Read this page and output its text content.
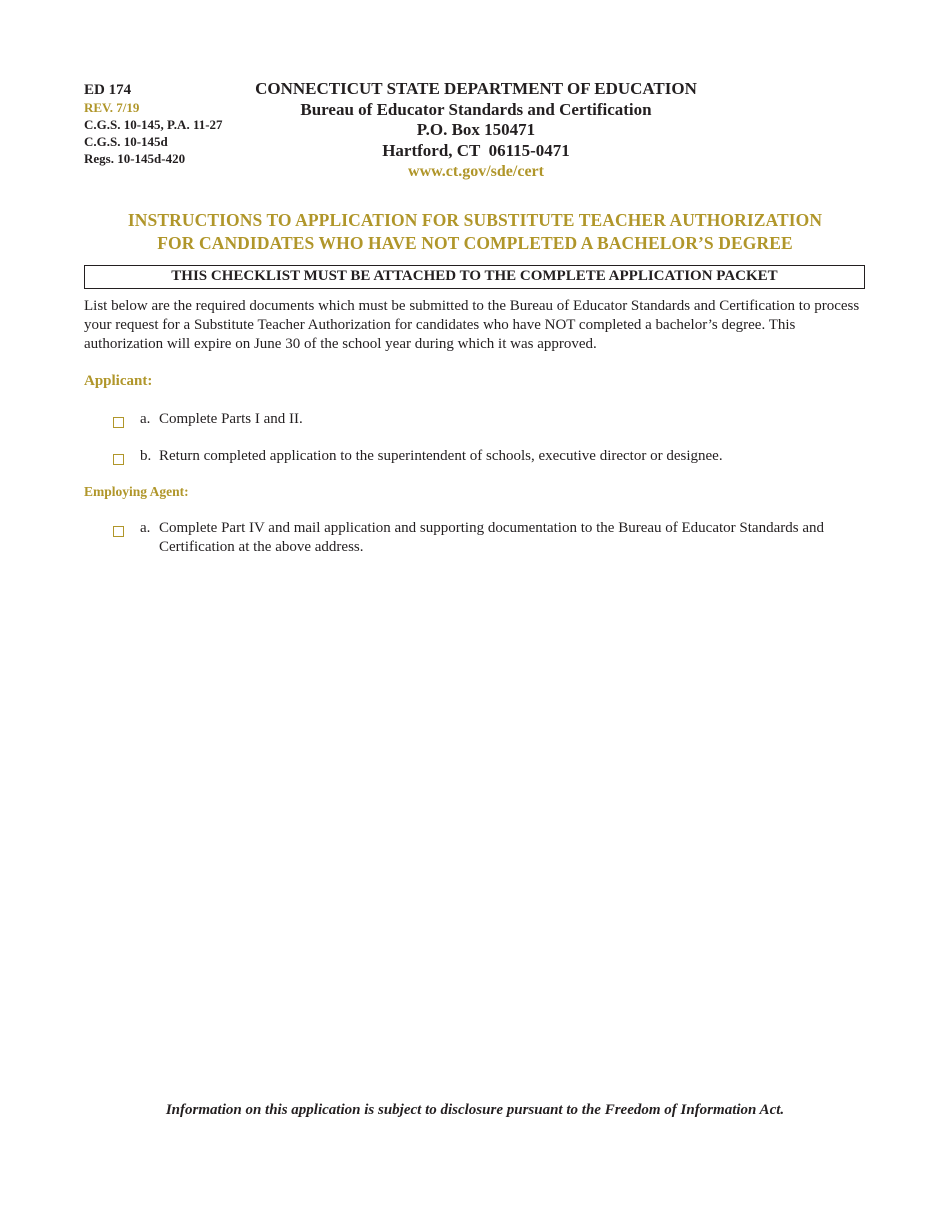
ED 174
REV. 7/19
C.G.S. 10-145, P.A. 11-27
C.G.S. 10-145d
Regs. 10-145d-420
CONNECTICUT STATE DEPARTMENT OF EDUCATION
Bureau of Educator Standards and Certification
P.O. Box 150471
Hartford, CT  06115-0471
www.ct.gov/sde/cert
INSTRUCTIONS TO APPLICATION FOR SUBSTITUTE TEACHER AUTHORIZATION
FOR CANDIDATES WHO HAVE NOT COMPLETED A BACHELOR’S DEGREE
THIS CHECKLIST MUST BE ATTACHED TO THE COMPLETE APPLICATION PACKET
List below are the required documents which must be submitted to the Bureau of Educator Standards and Certification to process your request for a Substitute Teacher Authorization for candidates who have NOT completed a bachelor’s degree. This authorization will expire on June 30 of the school year during which it was approved.
Applicant:
a. Complete Parts I and II.
b. Return completed application to the superintendent of schools, executive director or designee.
Employing Agent:
a. Complete Part IV and mail application and supporting documentation to the Bureau of Educator Standards and Certification at the above address.
Information on this application is subject to disclosure pursuant to the Freedom of Information Act.
